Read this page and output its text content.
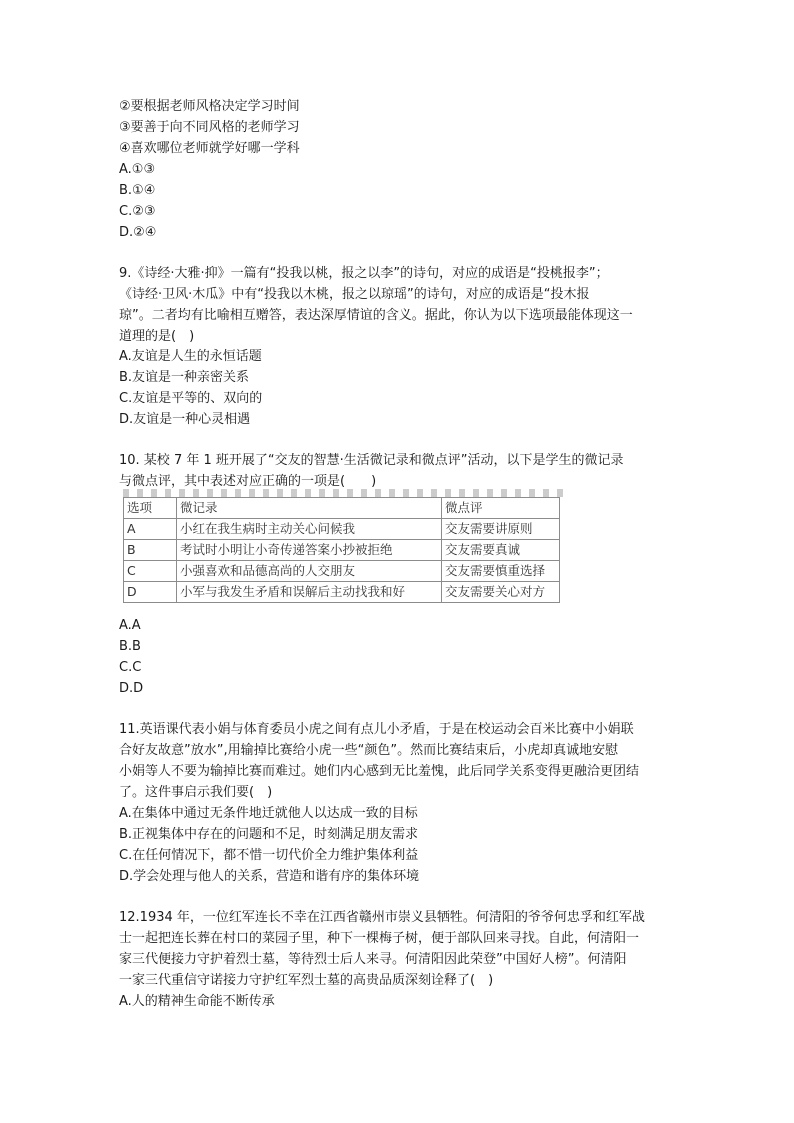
②要根据老师风格决定学习时间
③要善于向不同风格的老师学习
④喜欢哪位老师就学好哪一学科
A.①③
B.①④
C.②③
D.②④
9.《诗经·大雅·抑》一篇有“投我以桃，报之以李”的诗句，对应的成语是“投桃报李”；
《诗经·卫风·木瓜》中有“投我以木桃，报之以琼瑶”的诗句，对应的成语是“投木报
琼”。二者均有比喻相互赠答，表达深厚情谊的含义。据此，你认为以下选项最能体现这一
道理的是(　)
A.友谊是人生的永恒话题
B.友谊是一种亲密关系
C.友谊是平等的、双向的
D.友谊是一种心灵相遇
10. 某校 7 年 1 班开展了“交友的智慧·生活微记录和微点评”活动，以下是学生的微记录
与微点评，其中表述对应正确的一项是(　　)
选项	微记录	微点评
A	小红在我生病时主动关心问候我	交友需要讲原则
B	考试时小明让小奇传递答案小抄被拒绝	交友需要真诚
C	小强喜欢和品德高尚的人交朋友	交友需要慎重选择
D	小军与我发生矛盾和误解后主动找我和好	交友需要关心对方
A.A
B.B
C.C
D.D
11.英语课代表小娟与体育委员小虎之间有点儿小矛盾，于是在校运动会百米比赛中小娟联
合好友故意”放水”,用输掉比赛给小虎一些“颜色”。然而比赛结束后，小虎却真诚地安慰
小娟等人不要为输掉比赛而难过。她们内心感到无比羞愧，此后同学关系变得更融洽更团结
了。这件事启示我们要(　)
A.在集体中通过无条件地迁就他人以达成一致的目标
B.正视集体中存在的问题和不足，时刻满足朋友需求
C.在任何情况下，都不惜一切代价全力维护集体利益
D.学会处理与他人的关系，营造和谐有序的集体环境
12.1934 年，一位红军连长不幸在江西省赣州市崇义县牺牲。何清阳的爷爷何忠孚和红军战
士一起把连长葬在村口的菜园子里，种下一棵梅子树，便于部队回来寻找。自此，何清阳一
家三代便接力守护着烈士墓，等待烈士后人来寻。何清阳因此荣登”中国好人榜”。何清阳
一家三代重信守诺接力守护红军烈士墓的高贵品质深刻诠释了(　)
A.人的精神生命能不断传承
